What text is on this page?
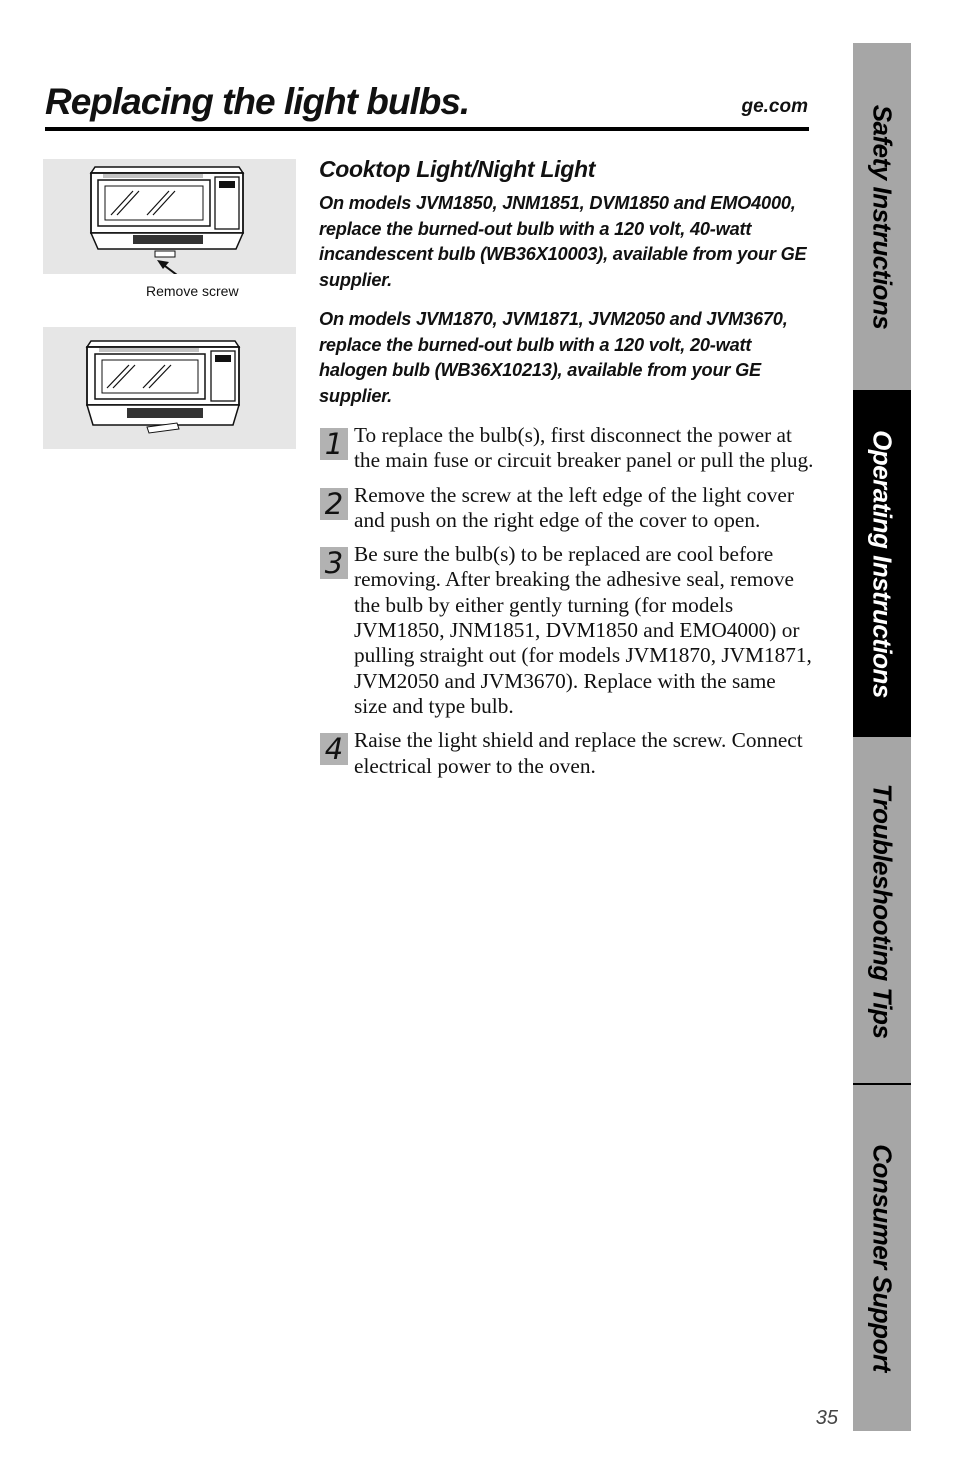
Replacing the light bulbs.	ge.com
Remove screw
Cooktop Light/Night Light
On models JVM1850, JNM1851, DVM1850 and EMO4000, replace the burned-out bulb with a 120 volt, 40-watt incandescent bulb (WB36X10003), available from your GE supplier.
On models JVM1870, JVM1871, JVM2050 and JVM3670, replace the burned-out bulb with a 120 volt, 20-watt halogen bulb (WB36X10213), available from your GE supplier.
1 To replace the bulb(s), first disconnect the power at the main fuse or circuit breaker panel or pull the plug.
2 Remove the screw at the left edge of the light cover and push on the right edge of the cover to open.
3 Be sure the bulb(s) to be replaced are cool before removing. After breaking the adhesive seal, remove the bulb by either gently turning (for models JVM1850, JNM1851, DVM1850 and EMO4000) or pulling straight out (for models JVM1870, JVM1871, JVM2050 and JVM3670). Replace with the same size and type bulb.
4 Raise the light shield and replace the screw. Connect electrical power to the oven.
Safety Instructions
Operating Instructions
Troubleshooting Tips
Consumer Support
35
